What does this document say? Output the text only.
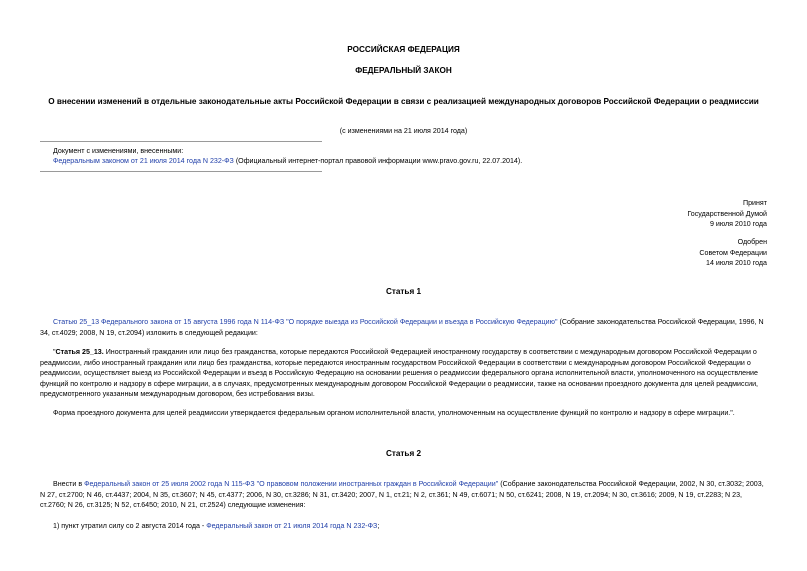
РОССИЙСКАЯ ФЕДЕРАЦИЯ
ФЕДЕРАЛЬНЫЙ ЗАКОН
О внесении изменений в отдельные законодательные акты Российской Федерации в связи с реализацией международных договоров Российской Федерации о реадмиссии
(с изменениями на 21 июля 2014 года)
Документ с изменениями, внесенными:
Федеральным законом от 21 июля 2014 года N 232-ФЗ (Официальный интернет-портал правовой информации www.pravo.gov.ru, 22.07.2014).

Принят

Государственной Думой

9 июля 2010 года

Одобрен

Советом Федерации

14 июля 2010 года

Статья 1
Статью 25_13 Федерального закона от 15 августа 1996 года N 114-ФЗ "О порядке выезда из Российской Федерации и въезда в Российскую Федерацию" (Собрание законодательства Российской Федерации, 1996, N 34, ст.4029; 2008, N 19, ст.2094) изложить в следующей редакции:
"Статья 25_13. Иностранный гражданин или лицо без гражданства, которые передаются Российской Федерацией иностранному государству в соответствии с международным договором Российской Федерации о реадмиссии, либо иностранный гражданин или лицо без гражданства, которые передаются иностранным государством Российской Федерации в соответствии с международным договором Российской Федерации о реадмиссии, осуществляет выезд из Российской Федерации и въезд в Российскую Федерацию на основании решения о реадмиссии федерального органа исполнительной власти, уполномоченного на осуществление функций по контролю и надзору в сфере миграции, а в случаях, предусмотренных международным договором Российской Федерации о реадмиссии, также на основании проездного документа для целей реадмиссии, предусмотренного указанным международным договором, без истребования визы.
Форма проездного документа для целей реадмиссии утверждается федеральным органом исполнительной власти, уполномоченным на осуществление функций по контролю и надзору в сфере миграции.".
Статья 2
Внести в Федеральный закон от 25 июля 2002 года N 115-ФЗ "О правовом положении иностранных граждан в Российской Федерации" (Собрание законодательства Российской Федерации, 2002, N 30, ст.3032; 2003, N 27, ст.2700; N 46, ст.4437; 2004, N 35, ст.3607; N 45, ст.4377; 2006, N 30, ст.3286; N 31, ст.3420; 2007, N 1, ст.21; N 2, ст.361; N 49, ст.6071; N 50, ст.6241; 2008, N 19, ст.2094; N 30, ст.3616; 2009, N 19, ст.2283; N 23, ст.2760; N 26, ст.3125; N 52, ст.6450; 2010, N 21, ст.2524) следующие изменения:
1) пункт утратил силу со 2 августа 2014 года - Федеральный закон от 21 июля 2014 года N 232-ФЗ;
